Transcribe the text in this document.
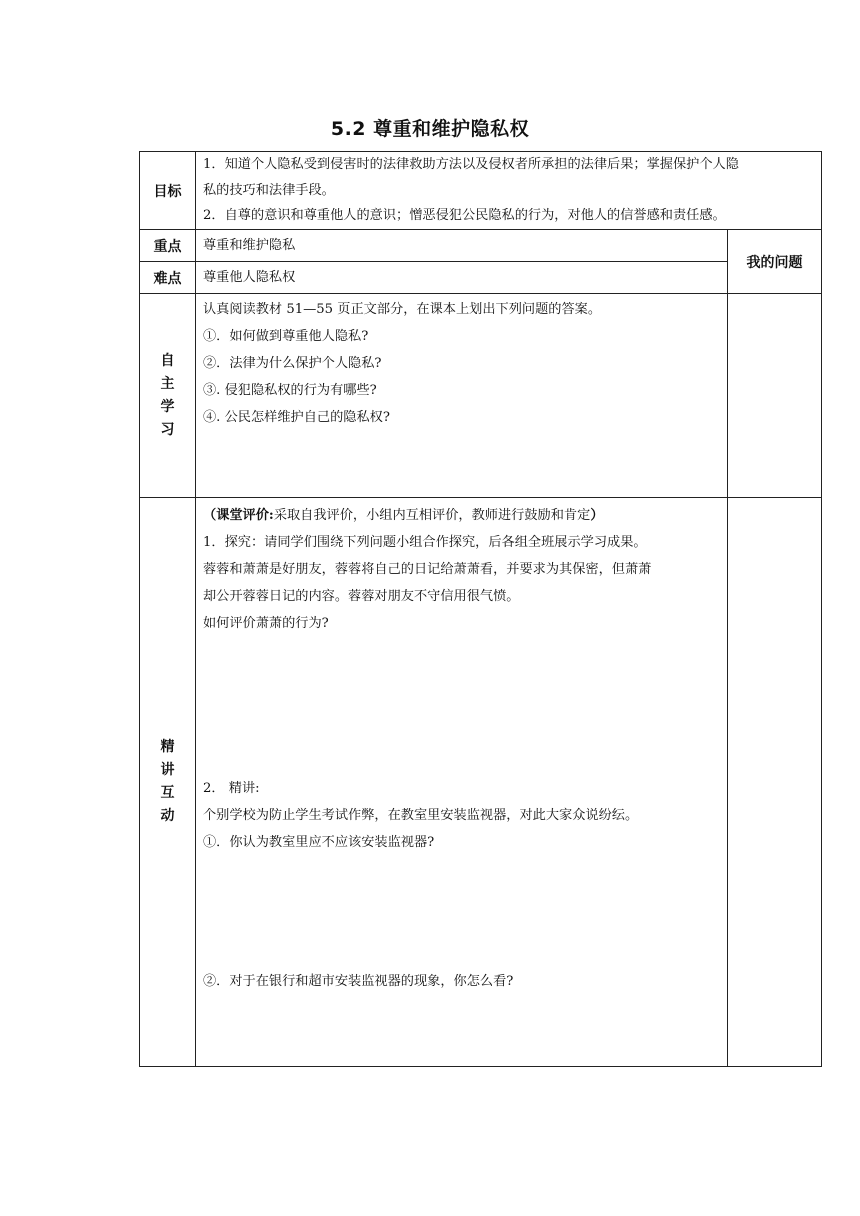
5.2 尊重和维护隐私权
目标

1．知道个人隐私受到侵害时的法律救助方法以及侵权者所承担的法律后果；掌握保护个人隐

私的技巧和法律手段。

2．自尊的意识和尊重他人的意识；憎恶侵犯公民隐私的行为，对他人的信誉感和责任感。

重点	尊重和维护隐私
难点	尊重他人隐私权
我的问题
自
主
学
习

认真阅读教材 51—55 页正文部分，在课本上划出下列问题的答案。

①．如何做到尊重他人隐私?

②．法律为什么保护个人隐私?

③. 侵犯隐私权的行为有哪些?

④. 公民怎样维护自己的隐私权?

精
讲
互
动

（课堂评价:采取自我评价，小组内互相评价，教师进行鼓励和肯定）

1．探究：请同学们围绕下列问题小组合作探究，后各组全班展示学习成果。

蓉蓉和萧萧是好朋友，蓉蓉将自己的日记给萧萧看，并要求为其保密，但萧萧

却公开蓉蓉日记的内容。蓉蓉对朋友不守信用很气愤。

如何评价萧萧的行为?

2． 精讲:

个别学校为防止学生考试作弊，在教室里安装监视器，对此大家众说纷纭。

①．你认为教室里应不应该安装监视器?

②．对于在银行和超市安装监视器的现象，你怎么看?
